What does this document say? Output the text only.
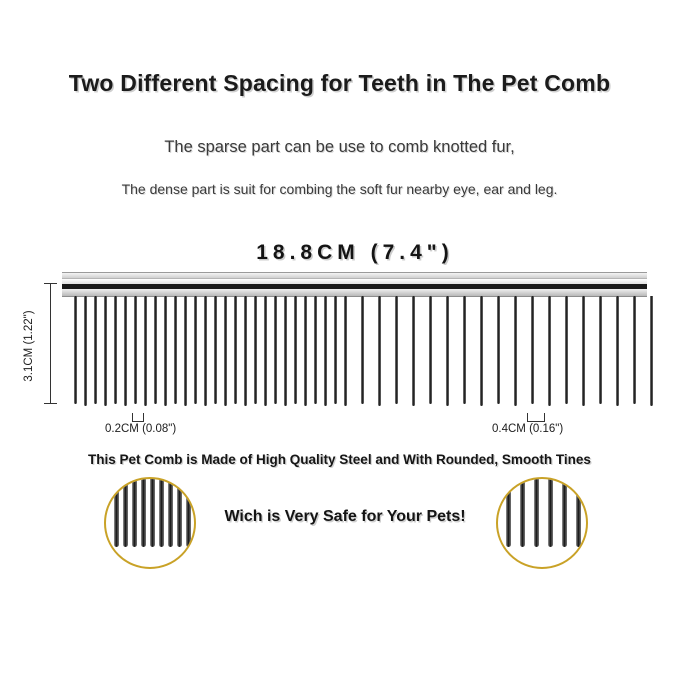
Two Different Spacing for Teeth in The Pet Comb
The sparse part can be use to comb knotted fur,
The dense part is suit for combing the soft fur nearby eye, ear and leg.
18.8CM (7.4")
3.1CM (1.22")
0.2CM (0.08")	0.4CM (0.16")
This Pet Comb is Made of High Quality Steel and With Rounded, Smooth Tines
Wich is Very Safe for Your Pets!
